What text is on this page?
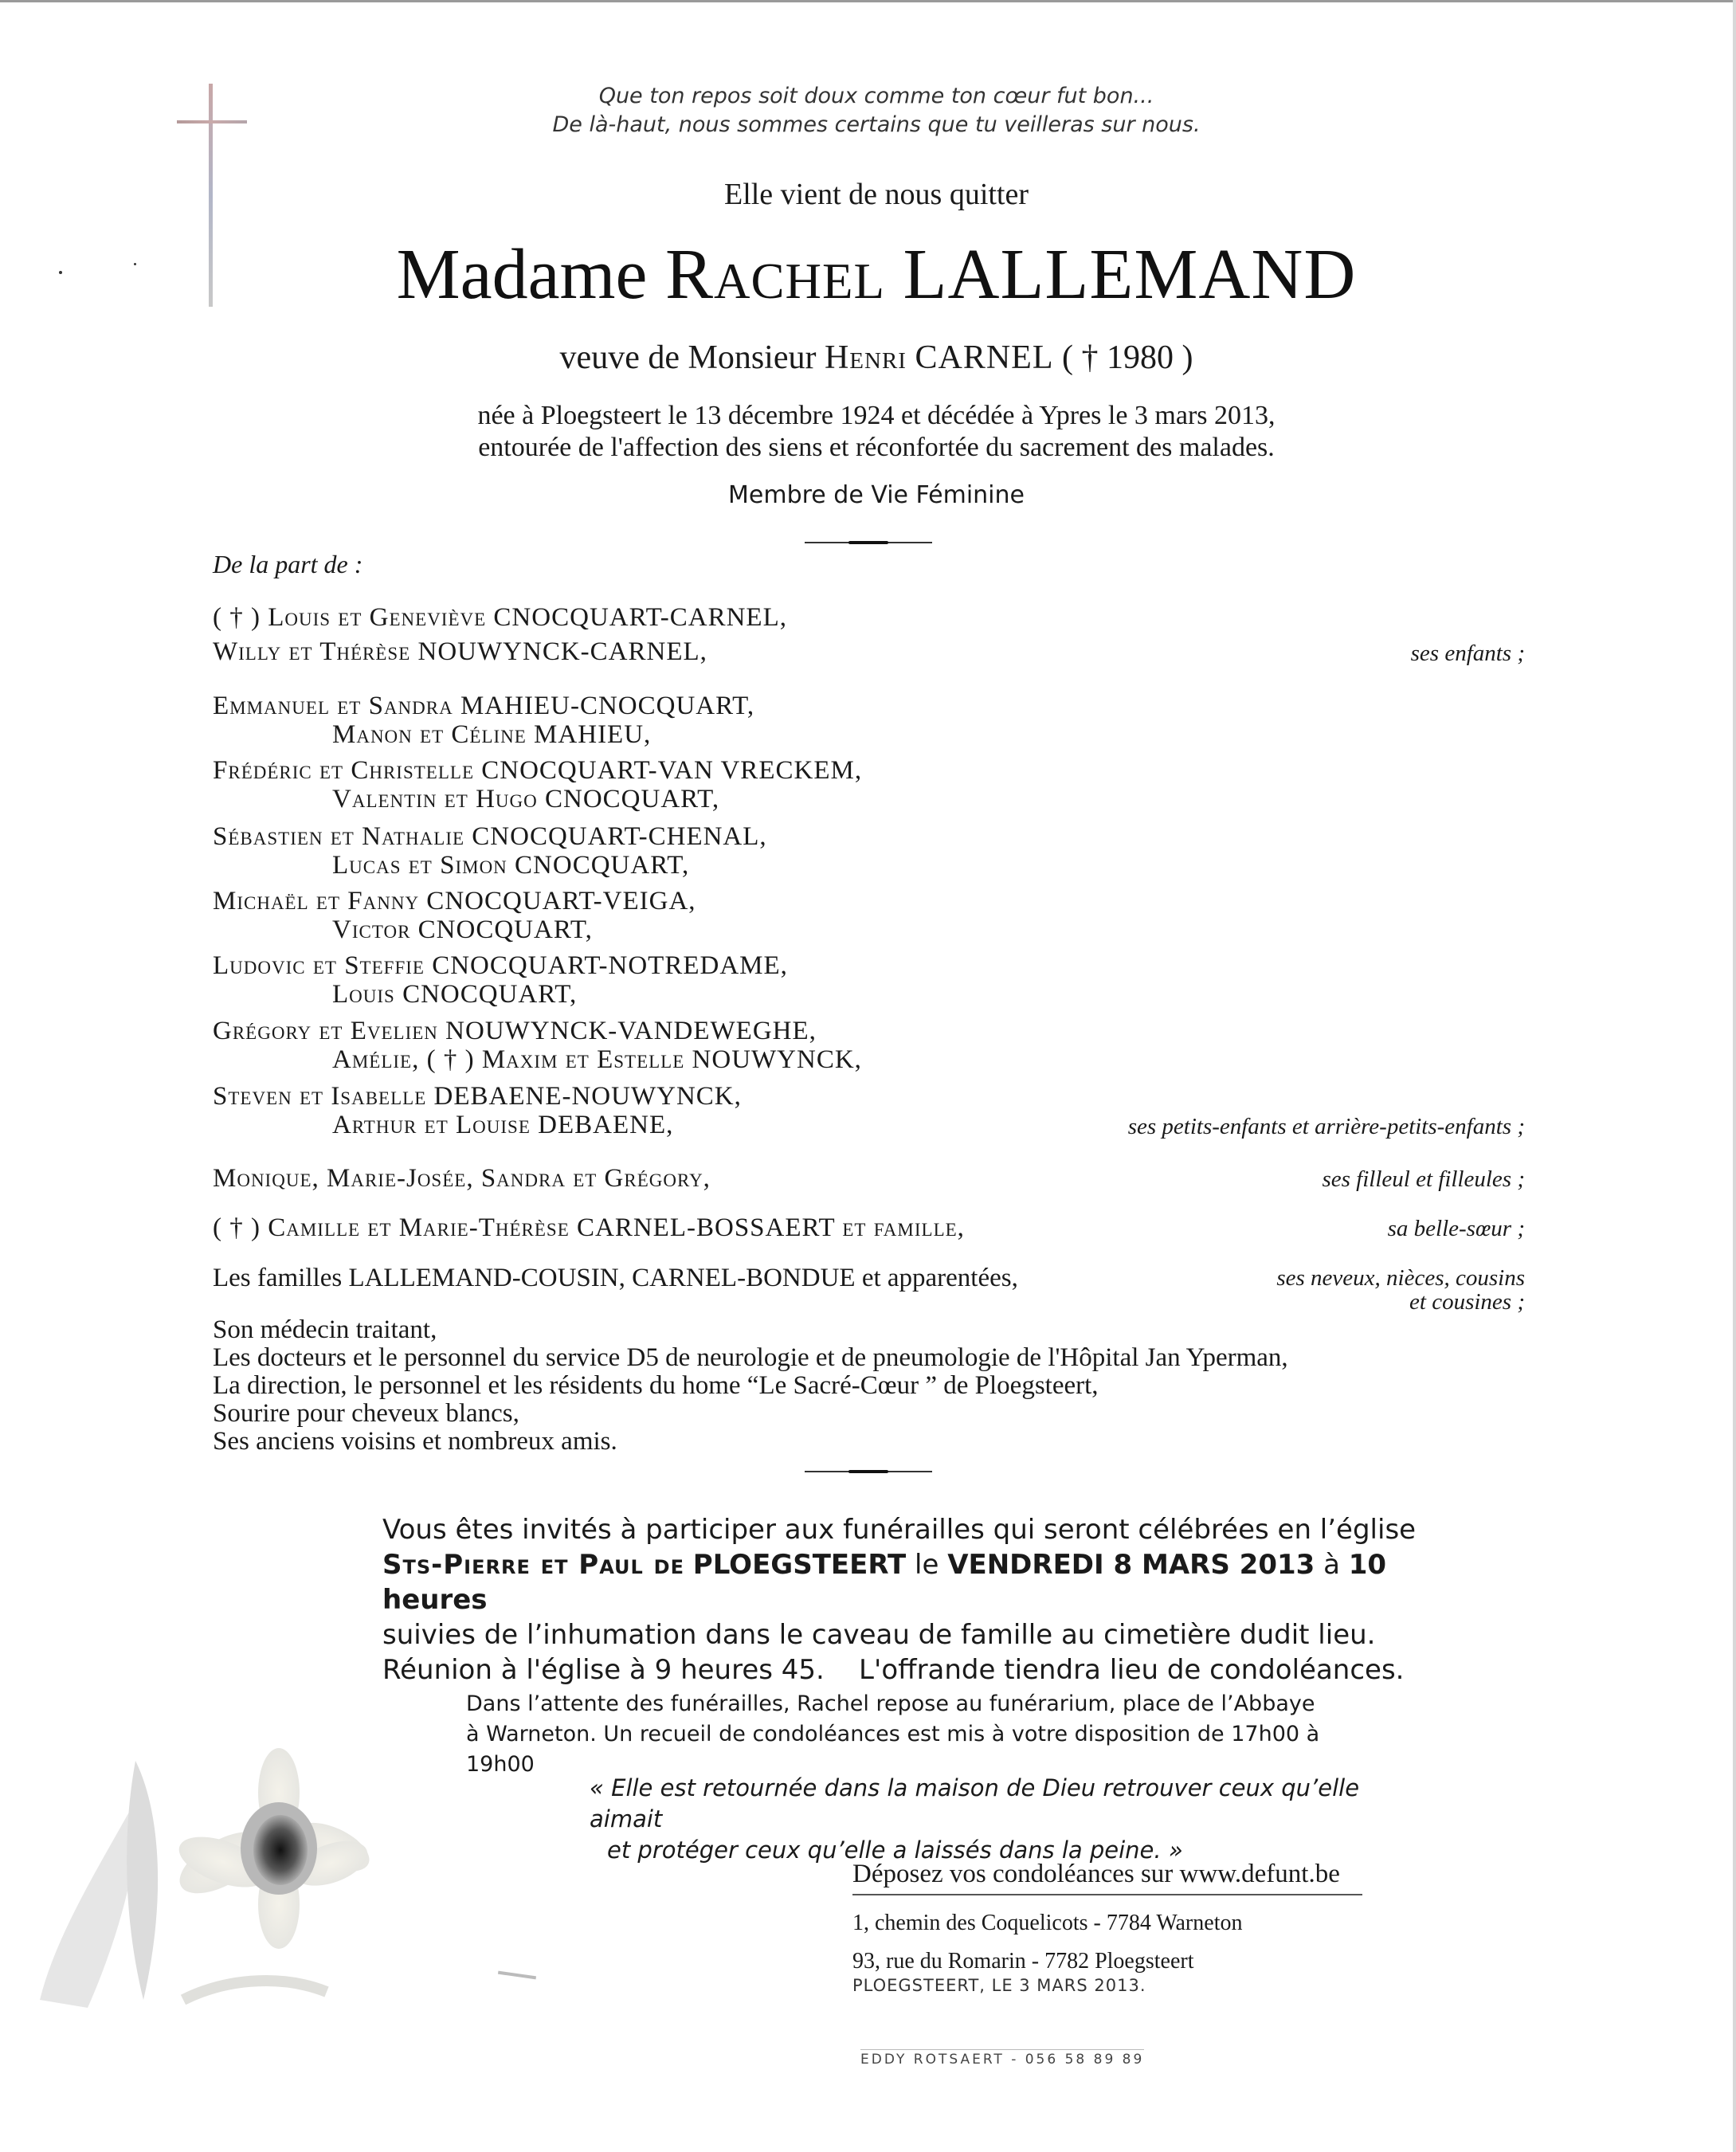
Que ton repos soit doux comme ton cœur fut bon...
De là-haut, nous sommes certains que tu veilleras sur nous.
Elle vient de nous quitter
Madame Rachel LALLEMAND
veuve de Monsieur Henri CARNEL ( † 1980 )
née à Ploegsteert le 13 décembre 1924 et décédée à Ypres le 3 mars 2013,
entourée de l'affection des siens et réconfortée du sacrement des malades.
Membre de Vie Féminine
De la part de :
( † ) Louis et Geneviève CNOCQUART-CARNEL,
Willy et Thérèse NOUWYNCK-CARNEL,
Emmanuel et Sandra MAHIEU-CNOCQUART,
Manon et Céline MAHIEU,
Frédéric et Christelle CNOCQUART-VAN VRECKEM,
Valentin et Hugo CNOCQUART,
Sébastien et Nathalie CNOCQUART-CHENAL,
Lucas et Simon CNOCQUART,
Michaël et Fanny CNOCQUART-VEIGA,
Victor CNOCQUART,
Ludovic et Steffie CNOCQUART-NOTREDAME,
Louis CNOCQUART,
Grégory et Evelien NOUWYNCK-VANDEWEGHE,
Amélie, ( † ) Maxim et Estelle NOUWYNCK,
Steven et Isabelle DEBAENE-NOUWYNCK,
Arthur et Louise DEBAENE,
Monique, Marie-Josée, Sandra et Grégory,
( † ) Camille et Marie-Thérèse CARNEL-BOSSAERT et famille,
Les familles LALLEMAND-COUSIN, CARNEL-BONDUE et apparentées,
ses enfants ;
ses petits-enfants et arrière-petits-enfants ;
ses filleul et filleules ;
sa belle-sœur ;
ses neveux, nièces, cousins
et cousines ;
Son médecin traitant,
Les docteurs et le personnel du service D5 de neurologie et de pneumologie de l'Hôpital Jan Yperman,
La direction, le personnel et les résidents du home “Le Sacré-Cœur ” de Ploegsteert,
Sourire pour cheveux blancs,
Ses anciens voisins et nombreux amis.
Vous êtes invités à participer aux funérailles qui seront célébrées en l’église
Sts-Pierre et Paul de PLOEGSTEERT le VENDREDI 8 MARS 2013 à 10 heures
suivies de l’inhumation dans le caveau de famille au cimetière dudit lieu.
Réunion à l'église à 9 heures 45.    L'offrande tiendra lieu de condoléances.
Dans l’attente des funérailles, Rachel repose au funérarium, place de l’Abbaye
à Warneton. Un recueil de condoléances est mis à votre disposition de 17h00 à 19h00
« Elle est retournée dans la maison de Dieu retrouver ceux qu’elle aimait
et protéger ceux qu’elle a laissés dans la peine. »
Déposez vos condoléances sur www.defunt.be
1, chemin des Coquelicots - 7784 Warneton
93, rue du Romarin - 7782 Ploegsteert
PLOEGSTEERT, LE 3 MARS 2013.
EDDY ROTSAERT - 056 58 89 89
